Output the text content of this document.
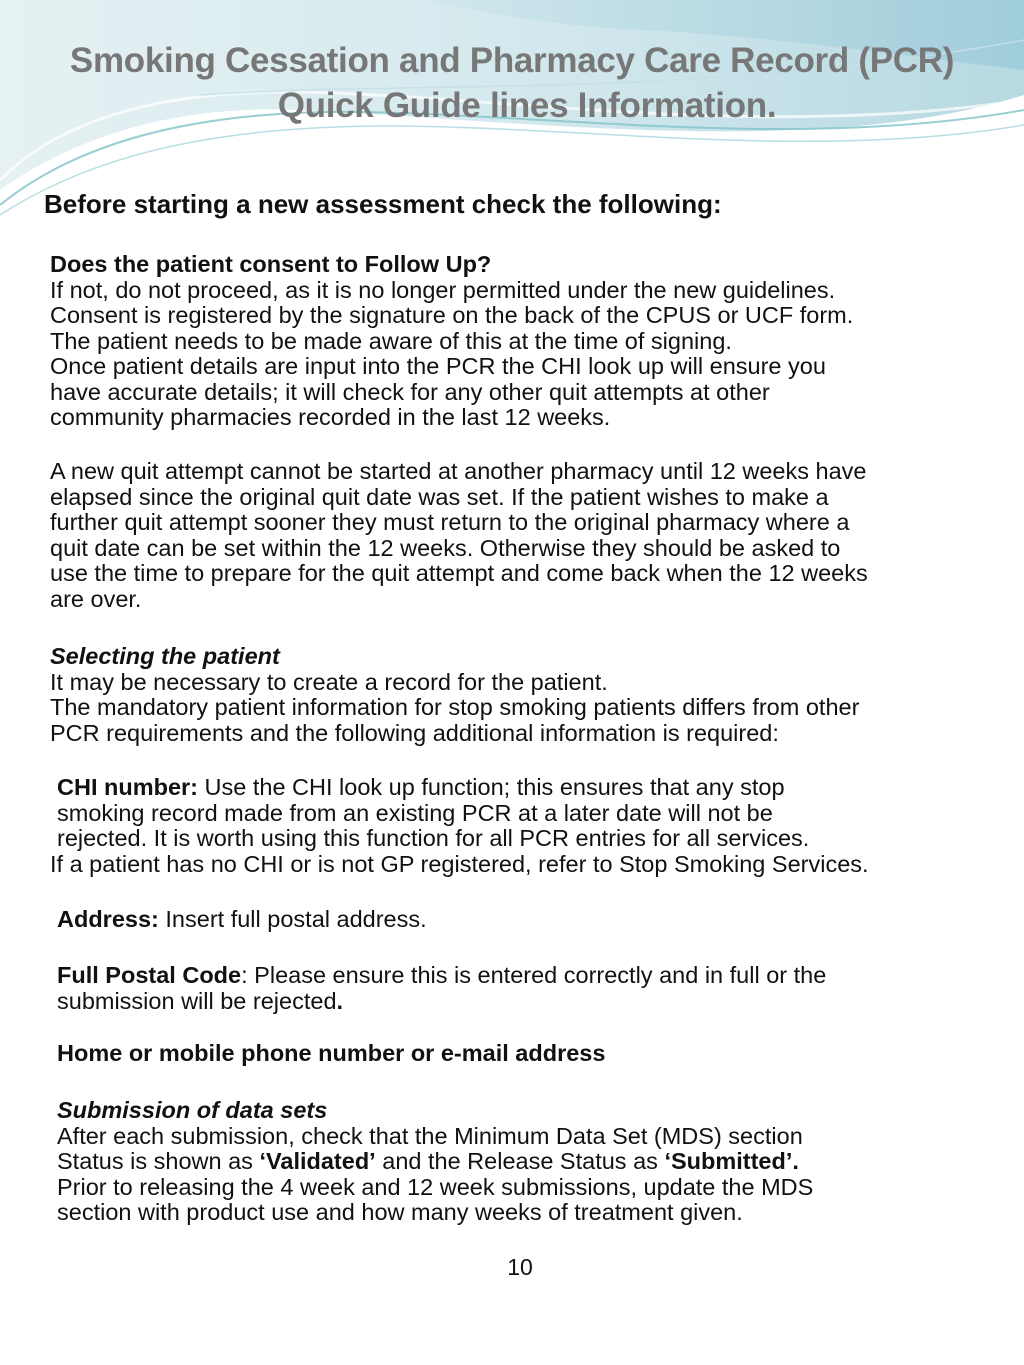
Smoking Cessation and Pharmacy Care Record (PCR)
Quick Guide lines Information.
Before starting a new assessment check the following:
Does the patient consent to Follow Up?
If not, do not proceed, as it is no longer permitted under the new guidelines.
Consent is registered by the signature on the back of the CPUS or UCF form.
The patient needs to be made aware of this at the time of signing.
Once patient details are input into the PCR the CHI look up will ensure you
have accurate details; it will check for any other quit attempts at other
community pharmacies recorded in the last 12 weeks.
A new quit attempt cannot be started at another pharmacy until 12 weeks have
elapsed since the original quit date was set. If the patient wishes to make a
further quit attempt sooner they must return to the original pharmacy where a
quit date can be set within the 12 weeks. Otherwise they should be asked to
use the time to prepare for the quit attempt and come back when the 12 weeks
are over.
Selecting the patient
It may be necessary to create a record for the patient.
The mandatory patient information for stop smoking patients differs from other
PCR requirements and the following additional information is required:
CHI number: Use the CHI look up function; this ensures that any stop
smoking record made from an existing PCR at a later date will not be
rejected. It is worth using this function for all PCR entries for all services.
If a patient has no CHI or is not GP registered, refer to Stop Smoking Services.
Address: Insert full postal address.
Full Postal Code: Please ensure this is entered correctly and in full or the
submission will be rejected.
Home or mobile phone number or e-mail address
Submission of data sets
After each submission, check that the Minimum Data Set (MDS) section
Status is shown as ‘Validated’ and the Release Status as ‘Submitted’.
Prior to releasing the 4 week and 12 week submissions, update the MDS
section with product use and how many weeks of treatment given.
10
